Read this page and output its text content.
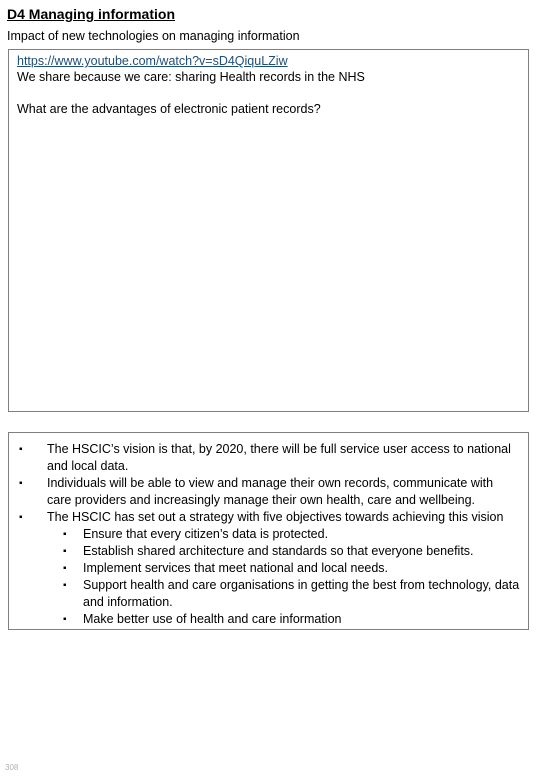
D4 Managing information
Impact of new technologies on managing information
https://www.youtube.com/watch?v=sD4QiquLZiw
We share because we care: sharing Health records in the NHS
What are the advantages of electronic patient records?
▪ The HSCIC’s vision is that, by 2020, there will be full service user access to national and local data.
▪ Individuals will be able to view and manage their own records, communicate with care providers and increasingly manage their own health, care and wellbeing.
▪ The HSCIC has set out a strategy with five objectives towards achieving this vision
▪ Ensure that every citizen’s data is protected.
▪ Establish shared architecture and standards so that everyone benefits.
▪ Implement services that meet national and local needs.
▪ Support health and care organisations in getting the best from technology, data and information.
▪ Make better use of health and care information
308
